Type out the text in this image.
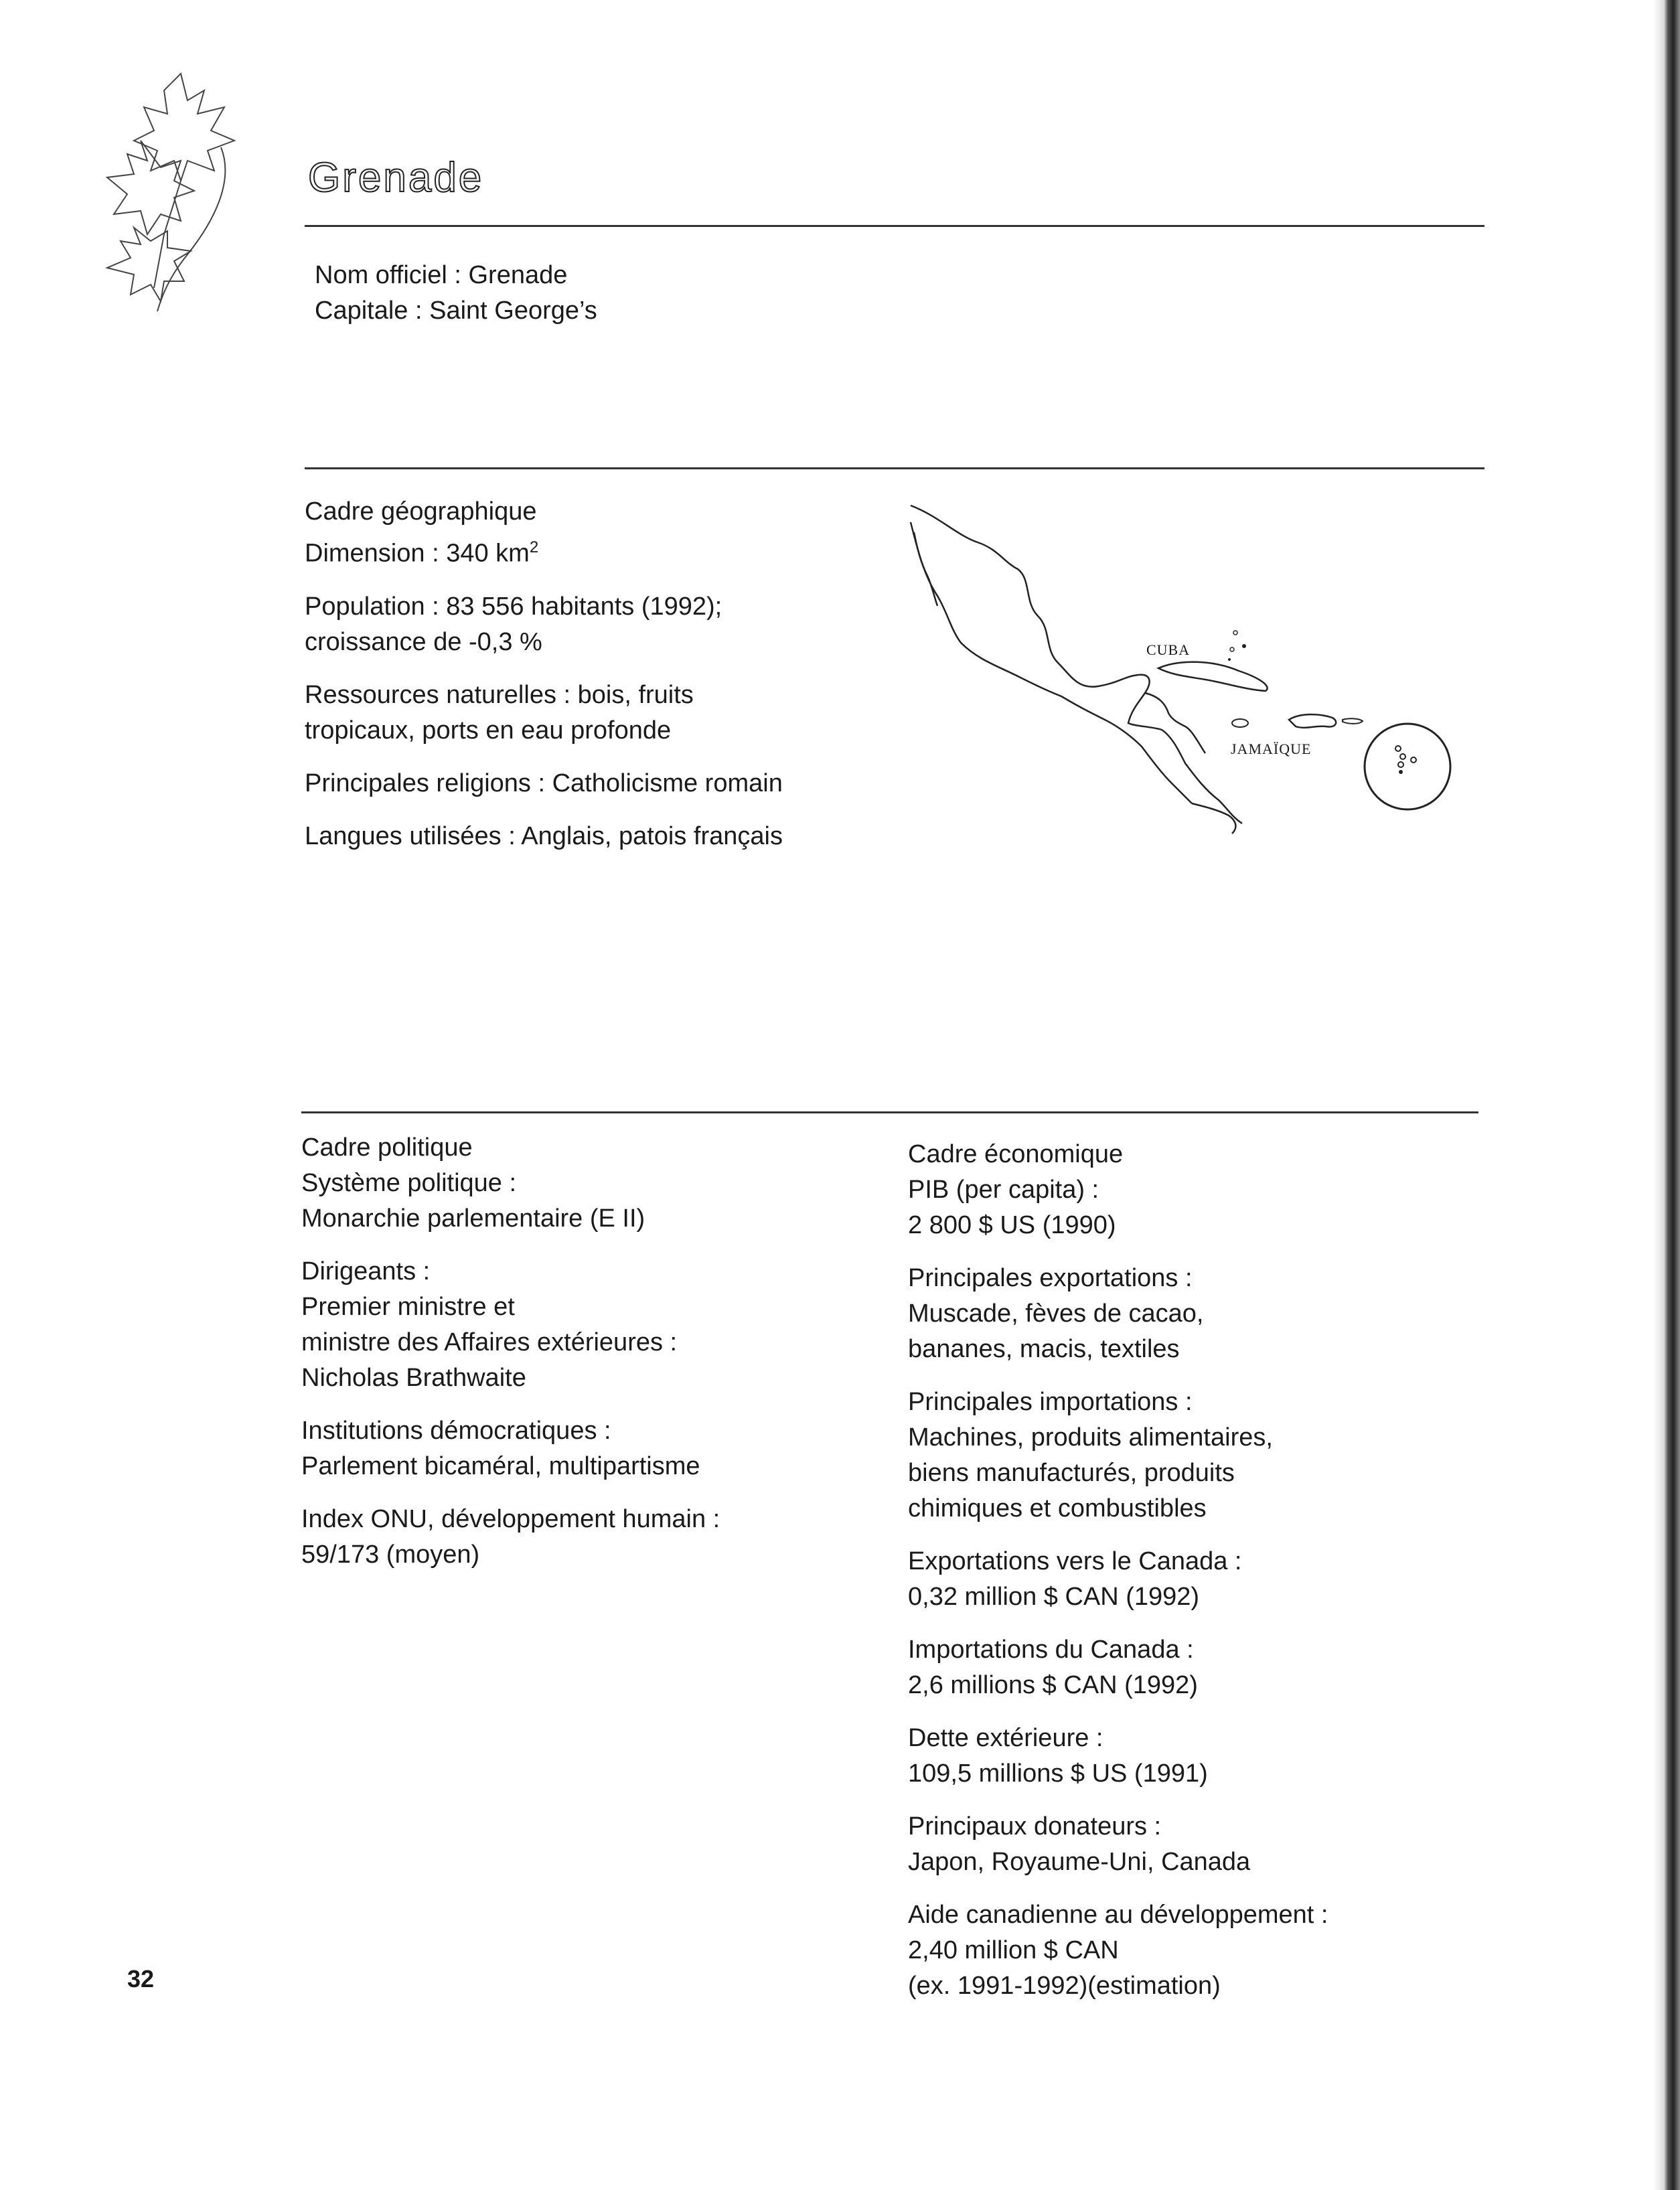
Grenade

Nom officiel : Grenade

Capitale : Saint George’s

Cadre géographique

Dimension : 340 $km^2$

Population : 83 556 habitants (1992);

croissance de -0,3 %

Ressources naturelles : bois, fruits

tropicaux, ports en eau profonde

Principales religions : Catholicisme romain

Langues utilisées : Anglais, patois français

CUBA
JAMAÏQUE

Cadre politique

Système politique :

Monarchie parlementaire (E II)

Dirigeants :

Premier ministre et

ministre des Affaires extérieures :

Nicholas Brathwaite

Institutions démocratiques :

Parlement bicaméral, multipartisme

Index ONU, développement humain :

59/173 (moyen)

Cadre économique

PIB (per capita) :

2 800 $ US (1990)

Principales exportations :

Muscade, fèves de cacao,

bananes, macis, textiles

Principales importations :

Machines, produits alimentaires,

biens manufacturés, produits

chimiques et combustibles

Exportations vers le Canada :

0,32 million $ CAN (1992)

Importations du Canada :

2,6 millions $ CAN (1992)

Dette extérieure :

109,5 millions $ US (1991)

Principaux donateurs :

Japon, Royaume-Uni, Canada

Aide canadienne au développement :

2,40 million $ CAN

(ex. 1991-1992)(estimation)

32
